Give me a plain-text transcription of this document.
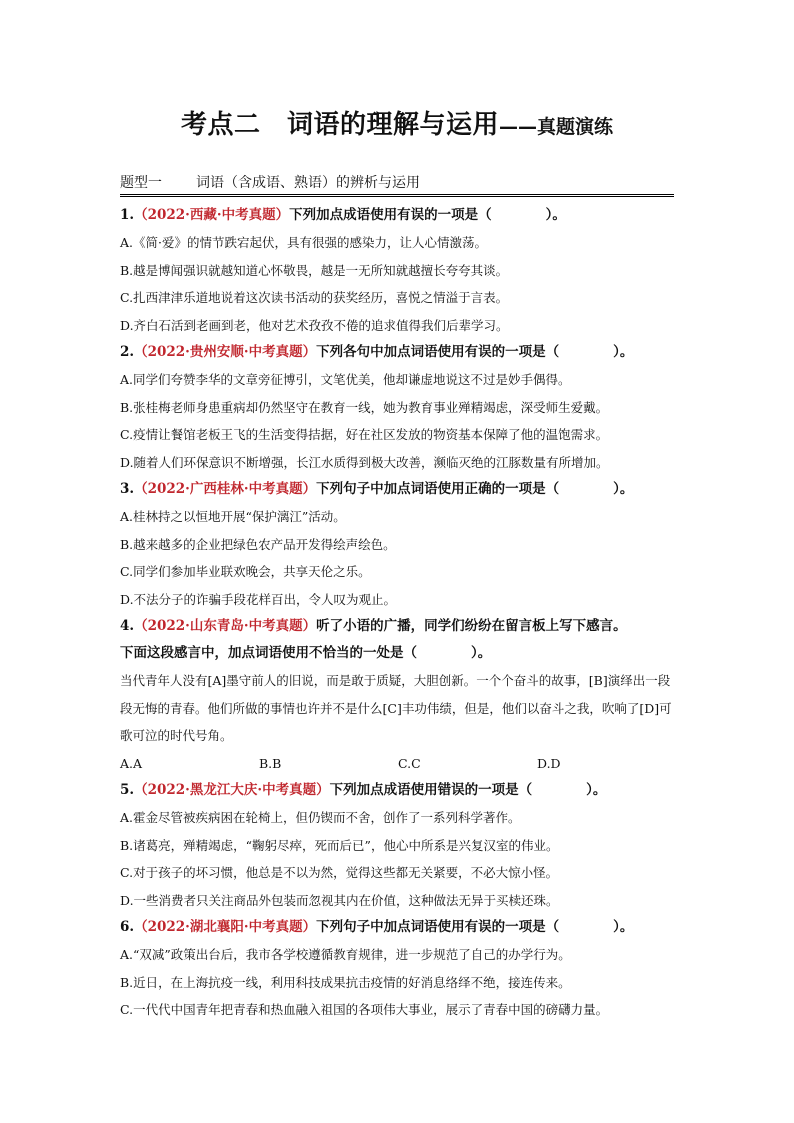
考点二　词语的理解与运用——真题演练
题型一 词语（含成语、熟语）的辨析与运用
1.（2022·西藏·中考真题）下列加点成语使用有误的一项是（　　　　）。
A.《简·爱》的情节跌宕起伏，具有很强的感染力，让人心情激荡。
B.越是博闻强识就越知道心怀敬畏，越是一无所知就越擅长夸夸其谈。
C.扎西津津乐道地说着这次读书活动的获奖经历，喜悦之情溢于言表。
D.齐白石活到老画到老，他对艺术孜孜不倦的追求值得我们后辈学习。
2.（2022·贵州安顺·中考真题）下列各句中加点词语使用有误的一项是（　　　　）。
A.同学们夸赞李华的文章旁征博引，文笔优美，他却谦虚地说这不过是妙手偶得。
B.张桂梅老师身患重病却仍然坚守在教育一线，她为教育事业殚精竭虑，深受师生爱戴。
C.疫情让餐馆老板王飞的生活变得拮据，好在社区发放的物资基本保障了他的温饱需求。
D.随着人们环保意识不断增强，长江水质得到极大改善，濒临灭绝的江豚数量有所增加。
3.（2022·广西桂林·中考真题）下列句子中加点词语使用正确的一项是（　　　　）。
A.桂林持之以恒地开展“保护漓江”活动。
B.越来越多的企业把绿色农产品开发得绘声绘色。
C.同学们参加毕业联欢晚会，共享天伦之乐。
D.不法分子的诈骗手段花样百出，令人叹为观止。
4.（2022·山东青岛·中考真题）听了小语的广播，同学们纷纷在留言板上写下感言。
下面这段感言中，加点词语使用不恰当的一处是（　　　　）。
当代青年人没有[A]墨守前人的旧说，而是敢于质疑，大胆创新。一个个奋斗的故事，[B]演绎出一段段无悔的青春。他们所做的事情也许并不是什么[C]丰功伟绩，但是，他们以奋斗之我，吹响了[D]可歌可泣的时代号角。
A.A	B.B	C.C	D.D
5.（2022·黑龙江大庆·中考真题）下列加点成语使用错误的一项是（　　　　）。
A.霍金尽管被疾病困在轮椅上，但仍锲而不舍，创作了一系列科学著作。
B.诸葛亮，殚精竭虑，“鞠躬尽瘁，死而后已”，他心中所系是兴复汉室的伟业。
C.对于孩子的坏习惯，他总是不以为然，觉得这些都无关紧要，不必大惊小怪。
D.一些消费者只关注商品外包装而忽视其内在价值，这种做法无异于买椟还珠。
6.（2022·湖北襄阳·中考真题）下列句子中加点词语使用有误的一项是（　　　　）。
A.“双减”政策出台后，我市各学校遵循教育规律，进一步规范了自己的办学行为。
B.近日，在上海抗疫一线，利用科技成果抗击疫情的好消息络绎不绝，接连传来。
C.一代代中国青年把青春和热血融入祖国的各项伟大事业，展示了青春中国的磅礴力量。
